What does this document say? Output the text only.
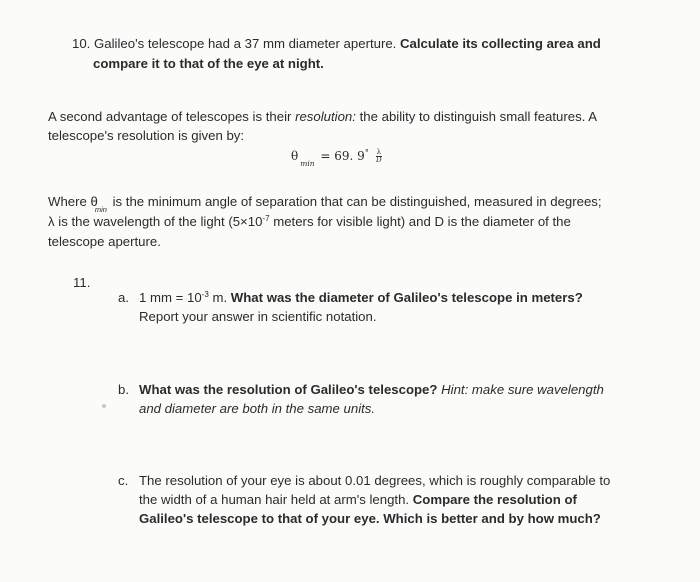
10. Galileo's telescope had a 37 mm diameter aperture. Calculate its collecting area and
compare it to that of the eye at night.
A second advantage of telescopes is their resolution: the ability to distinguish small features. A
telescope's resolution is given by:
$\theta_{min} = 69$. $9^\circ \frac{\lambda}{D}$
Where $\theta_{min}$ is the minimum angle of separation that can be distinguished, measured in degrees;
λ is the wavelength of the light ($5\times 10^{-7}$ meters for visible light) and D is the diameter of the
telescope aperture.
11.
a. 1 mm = $10^{-3}$ m. What was the diameter of Galileo's telescope in meters?
Report your answer in scientific notation.
b. What was the resolution of Galileo's telescope? Hint: make sure wavelength
and diameter are both in the same units.
c. The resolution of your eye is about 0.01 degrees, which is roughly comparable to
the width of a human hair held at arm's length. Compare the resolution of
Galileo's telescope to that of your eye. Which is better and by how much?
